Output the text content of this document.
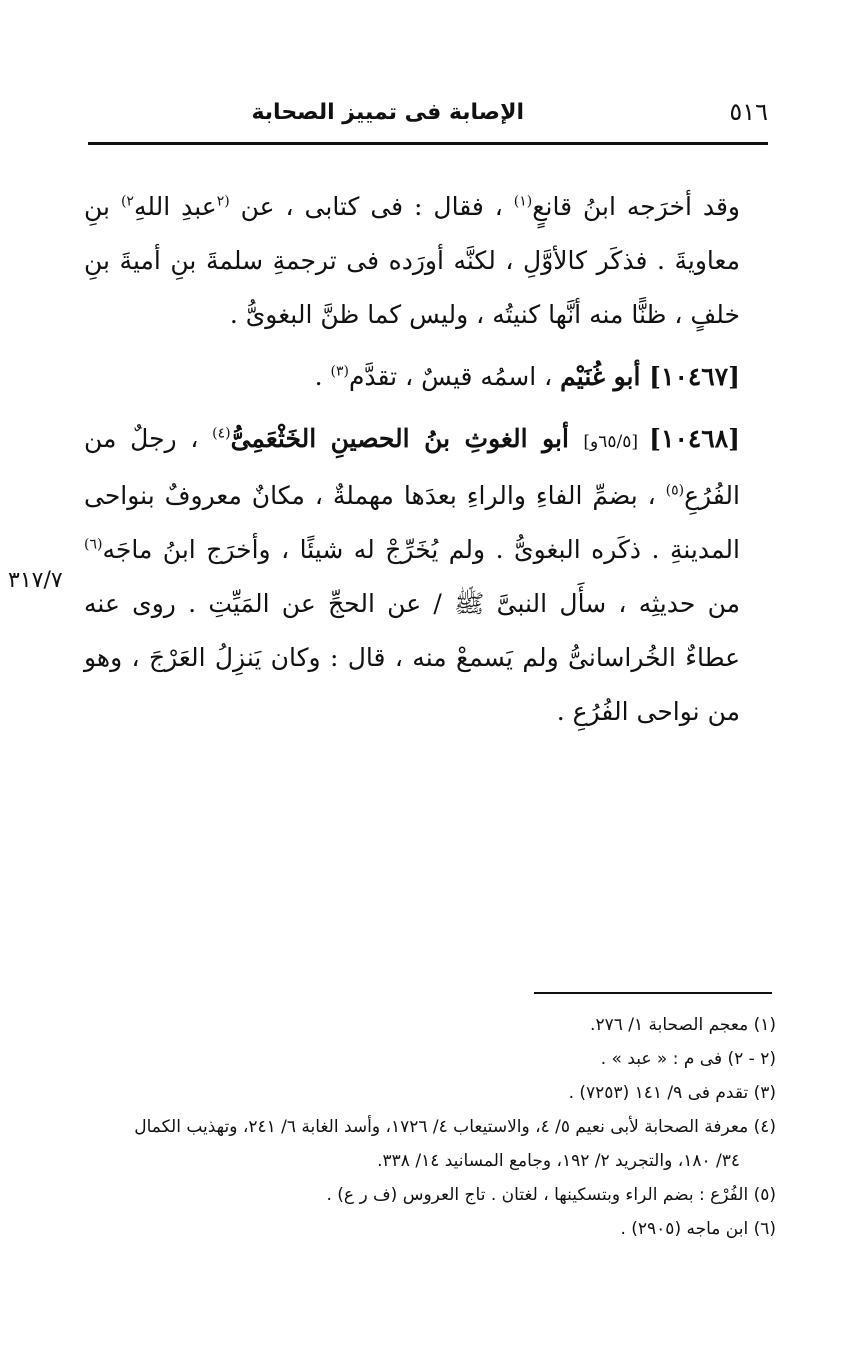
٥١٦
الإصابة فى تمييز الصحابة

وقد أخرَجه ابنُ قانعٍ$^{(١)}$ ، فقال : فى كتابى ، عن $^{(٢}$عبدِ اللهِ$^{٢)}$ بنِ معاويةَ . فذكَر كالأوَّلِ ، لكنَّه أورَده فى ترجمةِ سلمةَ بنِ أميةَ بنِ خلفٍ ، ظنًّا منه أنَّها كنيتُه ، وليس كما ظنَّ البغوىُّ .

[١٠٤٦٧] أبو غُنَيْم ، اسمُه قيسٌ ، تقدَّم$^{(٣)}$ .

[١٠٤٦٨] [٦٥/٥و] أبو الغوثِ بنُ الحصينِ الخَثْعَمِىُّ$^{(٤)}$ ، رجلٌ من الفُرُعِ$^{(٥)}$ ، بضمِّ الفاءِ والراءِ بعدَها مهملةٌ ، مكانٌ معروفٌ بنواحى المدينةِ . ذكَره البغوىُّ . ولم يُخَرِّجْ له شيئًا ، وأخرَج ابنُ ماجَه$^{(٦)}$ من حديثِه ، سأَل النبىَّ ﷺ / عن الحجِّ عن المَيِّتِ . روى عنه عطاءٌ الخُراسانىُّ ولم يَسمعْ منه ، قال : وكان يَنزِلُ العَرْجَ ، وهو من نواحى الفُرُعِ .

٣١٧/٧

(١) معجم الصحابة ١/ ٢٧٦.

(٢ - ٢) فى م : « عبد » .

(٣) تقدم فى ٩/ ١٤١ (٧٢٥٣) .

(٤) معرفة الصحابة لأبى نعيم ٥/ ٤، والاستيعاب ٤/ ١٧٢٦، وأسد الغابة ٦/ ٢٤١، وتهذيب الكمال

٣٤/ ١٨٠، والتجريد ٢/ ١٩٢، وجامع المسانيد ١٤/ ٣٣٨.

(٥) الفُرْع : بضم الراء وبتسكينها ، لغتان . تاج العروس (ف ر ع) .

(٦) ابن ماجه (٢٩٠٥) .
